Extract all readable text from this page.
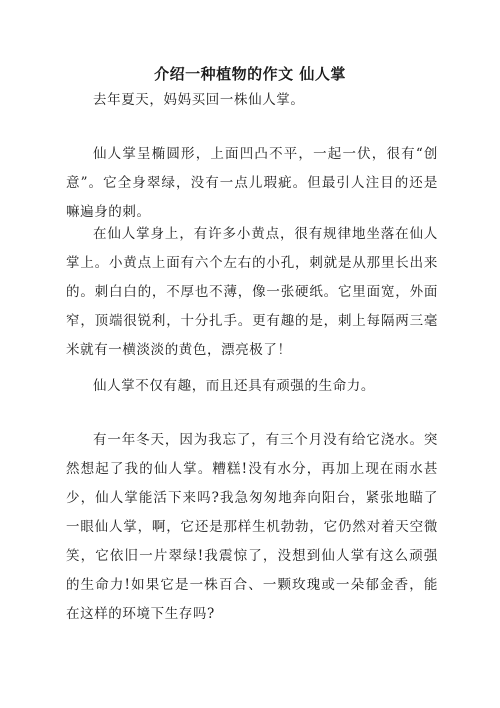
介绍一种植物的作文 仙人掌

去年夏天，妈妈买回一株仙人掌。

仙人掌呈椭圆形，上面凹凸不平，一起一伏，很有“创意”。它全身翠绿，没有一点儿瑕疵。但最引人注目的还是嘛遍身的刺。

在仙人掌身上，有许多小黄点，很有规律地坐落在仙人掌上。小黄点上面有六个左右的小孔，刺就是从那里长出来的。刺白白的，不厚也不薄，像一张硬纸。它里面宽，外面窄，顶端很锐利，十分扎手。更有趣的是，刺上每隔两三毫米就有一横淡淡的黄色，漂亮极了！

仙人掌不仅有趣，而且还具有顽强的生命力。

有一年冬天，因为我忘了，有三个月没有给它浇水。突然想起了我的仙人掌。糟糕!没有水分，再加上现在雨水甚少，仙人掌能活下来吗?我急匆匆地奔向阳台，紧张地瞄了一眼仙人掌，啊，它还是那样生机勃勃，它仍然对着天空微笑，它依旧一片翠绿!我震惊了，没想到仙人掌有这么顽强的生命力!如果它是一株百合、一颗玫瑰或一朵郁金香，能在这样的环境下生存吗?
